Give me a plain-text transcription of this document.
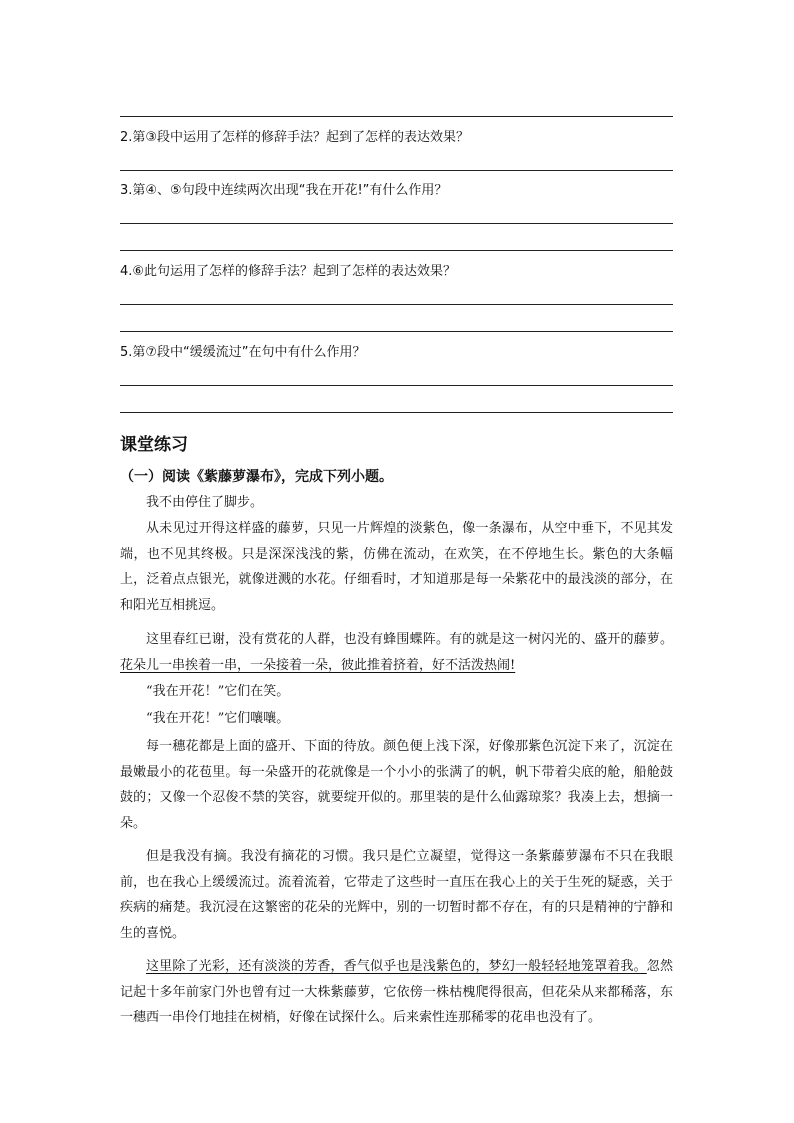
2.第③段中运用了怎样的修辞手法？起到了怎样的表达效果？
3.第④、⑤句段中连续两次出现“我在开花!”有什么作用？
4.⑥此句运用了怎样的修辞手法？起到了怎样的表达效果？
5.第⑦段中“缓缓流过”在句中有什么作用？
课堂练习
（一）阅读《紫藤萝瀑布》，完成下列小题。
我不由停住了脚步。
从未见过开得这样盛的藤萝，只见一片辉煌的淡紫色，像一条瀑布，从空中垂下，不见其发端，也不见其终极。只是深深浅浅的紫，仿佛在流动，在欢笑，在不停地生长。紫色的大条幅上，泛着点点银光，就像迸溅的水花。仔细看时，才知道那是每一朵紫花中的最浅淡的部分，在和阳光互相挑逗。
这里春红已谢，没有赏花的人群，也没有蜂围蝶阵。有的就是这一树闪光的、盛开的藤萝。花朵儿一串挨着一串，一朵接着一朵，彼此推着挤着，好不活泼热闹!
“我在开花！”它们在笑。
“我在开花！”它们嚷嚷。
每一穗花都是上面的盛开、下面的待放。颜色便上浅下深，好像那紫色沉淀下来了，沉淀在最嫩最小的花苞里。每一朵盛开的花就像是一个小小的张满了的帆，帆下带着尖底的舱，船舱鼓鼓的；又像一个忍俊不禁的笑容，就要绽开似的。那里装的是什么仙露琼浆？我凑上去，想摘一朵。
但是我没有摘。我没有摘花的习惯。我只是伫立凝望，觉得这一条紫藤萝瀑布不只在我眼前，也在我心上缓缓流过。流着流着，它带走了这些时一直压在我心上的关于生死的疑惑，关于疾病的痛楚。我沉浸在这繁密的花朵的光辉中，别的一切暂时都不存在，有的只是精神的宁静和生的喜悦。
这里除了光彩，还有淡淡的芳香，香气似乎也是浅紫色的，梦幻一般轻轻地笼罩着我。忽然记起十多年前家门外也曾有过一大株紫藤萝，它依傍一株枯槐爬得很高，但花朵从来都稀落，东一穗西一串伶仃地挂在树梢，好像在试探什么。后来索性连那稀零的花串也没有了。
